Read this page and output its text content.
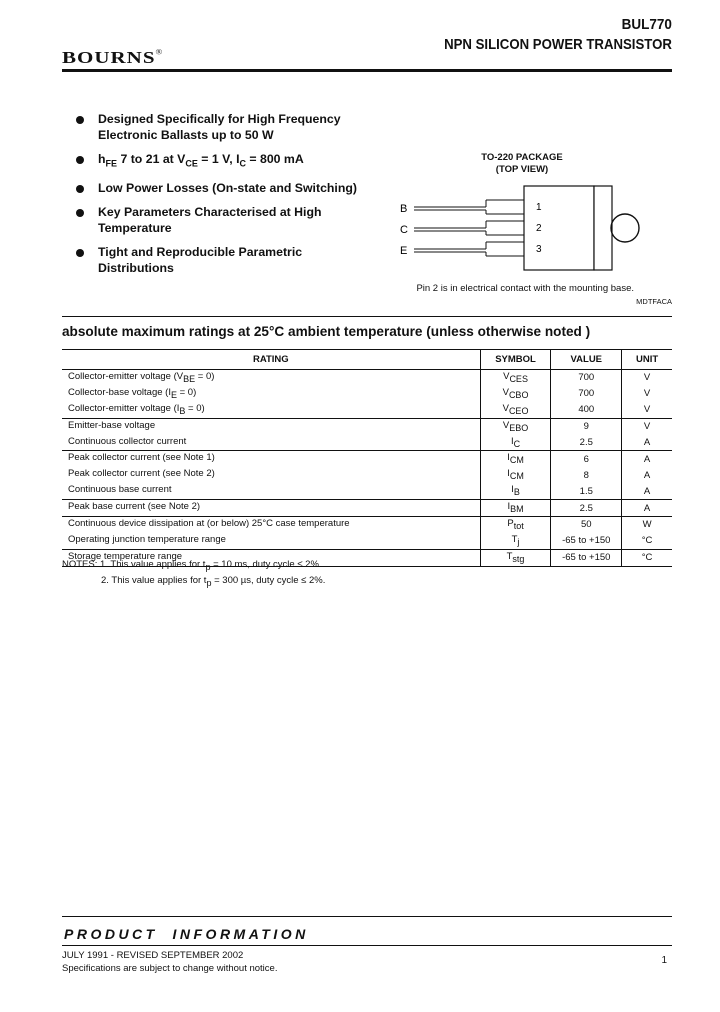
BOURNS®
BUL770
NPN SILICON POWER TRANSISTOR
Designed Specifically for High Frequency
Electronic Ballasts up to 50 W
$h_{FE}$ 7 to 21 at $V_{CE} = 1$ V, $I_C = 800$ mA
Low Power Losses (On-state and Switching)
Key Parameters Characterised at High
Temperature
Tight and Reproducible Parametric
Distributions
TO-220 PACKAGE
(TOP VIEW)
B
C
E
1
2
3
Pin 2 is in electrical contact with the mounting base.
MDTFACA
absolute maximum ratings at 25°C ambient temperature (unless otherwise noted )
RATING	SYMBOL	VALUE	UNIT
Collector-emitter voltage $(V_{BE} = 0)$	$V_{CES}$	700	V
Collector-base voltage $(I_E = 0)$	$V_{CBO}$	700	V
Collector-emitter voltage $(I_B = 0)$	$V_{CEO}$	400	V
Emitter-base voltage	$V_{EBO}$	9	V
Continuous collector current	$I_C$	2.5	A
Peak collector current (see Note 1)	$I_{CM}$	6	A
Peak collector current (see Note 2)	$I_{CM}$	8	A
Continuous base current	$I_B$	1.5	A
Peak base current (see Note 2)	$I_{BM}$	2.5	A
Continuous device dissipation at (or below) 25°C case temperature	$P_{tot}$	50	W
Operating junction temperature range	$T_j$	-65 to +150	°C
Storage temperature range	$T_{stg}$	-65 to +150	°C
NOTES: 1. This value applies for $t_p = 10$ ms, duty cycle ≤ 2%.
2. This value applies for $t_p = 300$ µs, duty cycle ≤ 2%.
PRODUCT  INFORMATION
JULY 1991 - REVISED SEPTEMBER 2002
Specifications are subject to change without notice.
1
